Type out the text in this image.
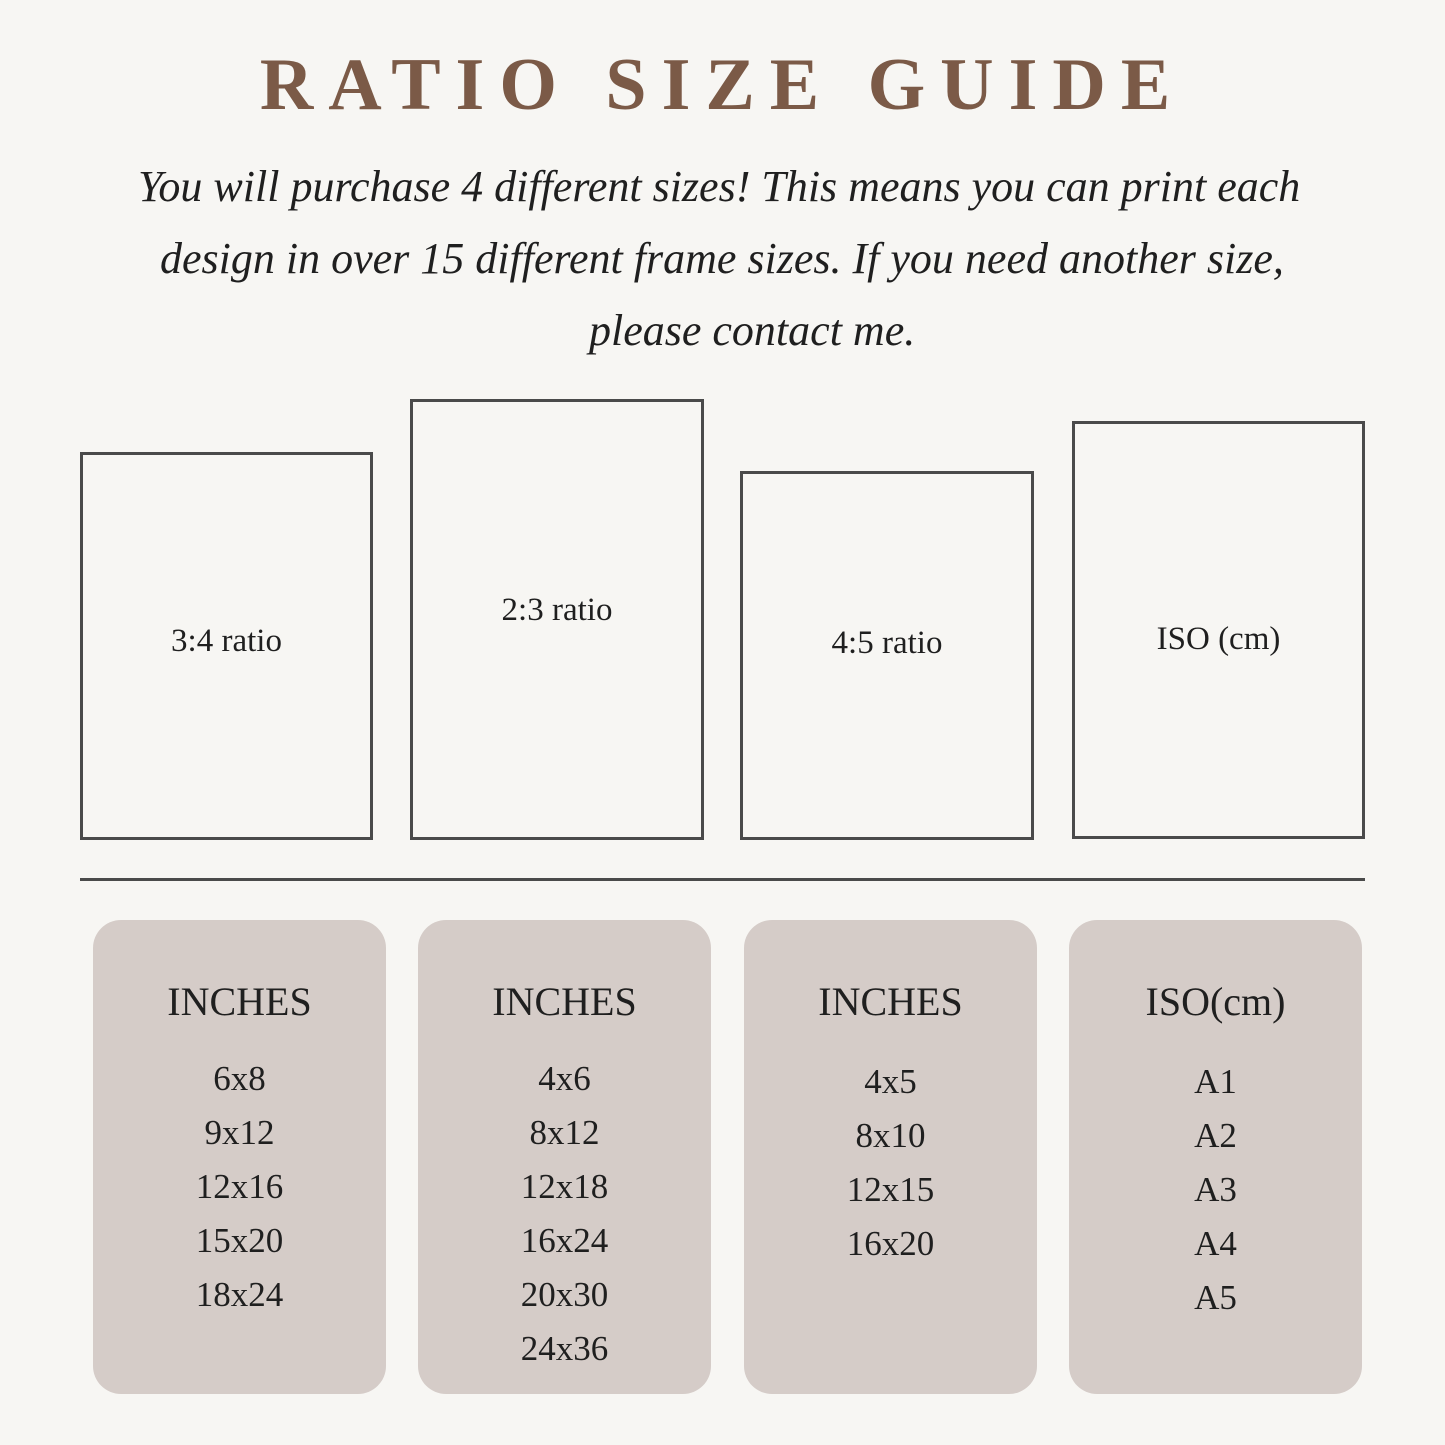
RATIO SIZE GUIDE
You will purchase 4 different sizes! This means you can print each
design in over 15 different frame sizes. If you need another size,
please contact me.
3:4 ratio
2:3 ratio
4:5 ratio	ISO (cm)
INCHES
6x8
9x12
12x16
15x20
18x24
INCHES
4x6
8x12
12x18
16x24
20x30
24x36
INCHES
4x5
8x10
12x15
16x20
ISO(cm)
A1
A2
A3
A4
A5
